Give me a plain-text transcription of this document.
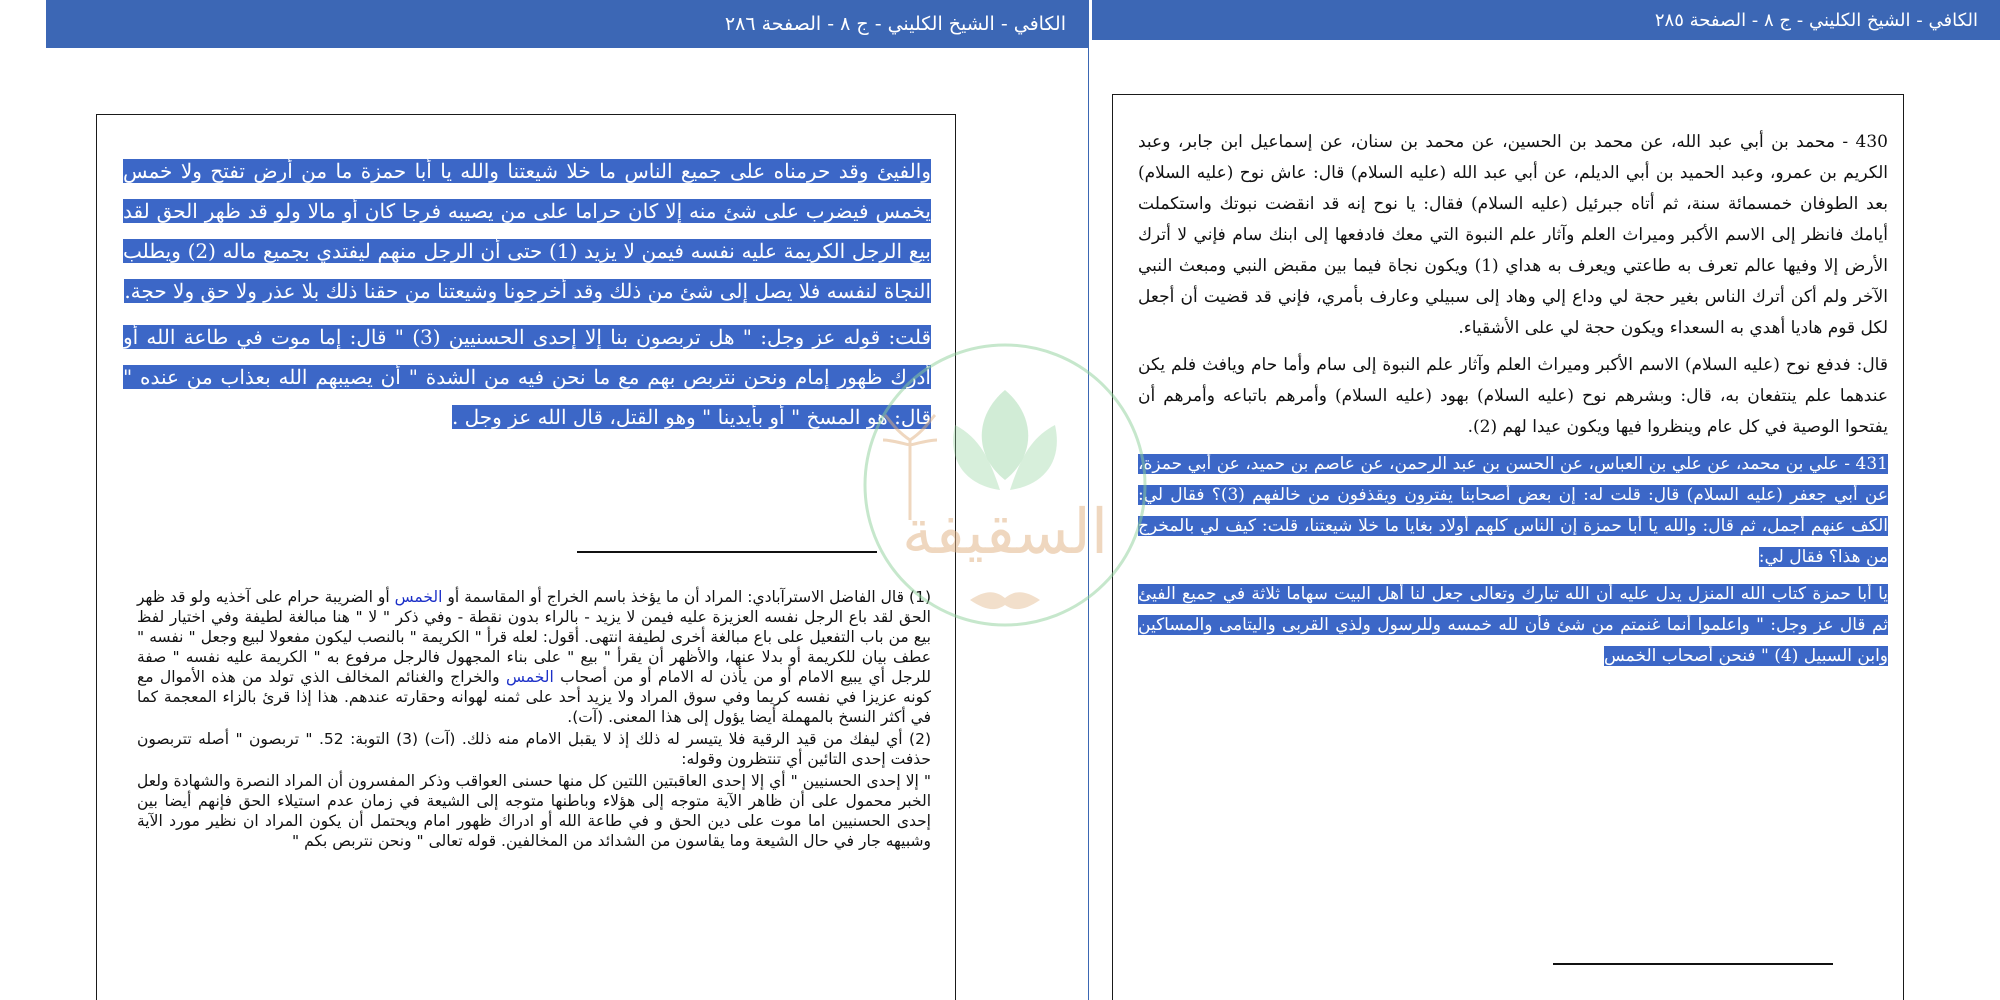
الكافي - الشيخ الكليني - ج ٨ - الصفحة ٢٨٦

والفيئ وقد حرمناه على جميع الناس ما خلا شيعتنا والله يا أبا حمزة ما من أرض تفتح ولا خمس يخمس فيضرب على شئ منه إلا كان حراما على من يصيبه فرجا كان أو مالا ولو قد ظهر الحق لقد بيع الرجل الكريمة عليه نفسه فيمن لا يزيد (1) حتى أن الرجل منهم ليفتدي بجميع ماله (2) ويطلب النجاة لنفسه فلا يصل إلى شئ من ذلك وقد أخرجونا وشيعتنا من حقنا ذلك بلا عذر ولا حق ولا حجة.

قلت: قوله عز وجل: " هل تربصون بنا إلا إحدى الحسنيين (3) " قال: إما موت في طاعة الله أو أدرك ظهور إمام ونحن نتربص بهم مع ما نحن فيه من الشدة " أن يصيبهم الله بعذاب من عنده " قال: هو المسخ " أو بأيدينا " وهو القتل، قال الله عز وجل .

(1) قال الفاضل الاسترآبادي: المراد أن ما يؤخذ باسم الخراج أو المقاسمة أو الخمس أو الضريبة حرام على آخذيه ولو قد ظهر الحق لقد باع الرجل نفسه العزيزة عليه فيمن لا يزيد - بالراء بدون نقطة - وفي ذكر " لا " هنا مبالغة لطيفة وفي اختيار لفظ بيع من باب التفعيل على باع مبالغة أخرى لطيفة انتهى. أقول: لعله قرأ " الكريمة " بالنصب ليكون مفعولا لبيع وجعل " نفسه " عطف بيان للكريمة أو بدلا عنها، والأظهر أن يقرأ " بيع " على بناء المجهول فالرجل مرفوع به " الكريمة عليه نفسه " صفة للرجل أي يبيع الامام أو من يأذن له الامام أو من أصحاب الخمس والخراج والغنائم المخالف الذي تولد من هذه الأموال مع كونه عزيزا في نفسه كريما وفي سوق المراد ولا يزيد أحد على ثمنه لهوانه وحقارته عندهم. هذا إذا قرئ بالزاء المعجمة كما في أكثر النسخ بالمهملة أيضا يؤول إلى هذا المعنى. (آت).

(2) أي ليفك من قيد الرقية فلا يتيسر له ذلك إذ لا يقبل الامام منه ذلك. (آت) (3) التوبة: 52. " تربصون " أصله تتربصون حذفت إحدى التائين أي تنتظرون وقوله:

" إلا إحدى الحسنيين " أي إلا إحدى العاقبتين اللتين كل منها حسنى العواقب وذكر المفسرون أن المراد النصرة والشهادة ولعل الخبر محمول على أن ظاهر الآية متوجه إلى هؤلاء وباطنها متوجه إلى الشيعة في زمان عدم استيلاء الحق فإنهم أيضا بين إحدى الحسنيين اما موت على دين الحق و في طاعة الله أو ادراك ظهور امام ويحتمل أن يكون المراد ان نظير مورد الآية وشبيهه جار في حال الشيعة وما يقاسون من الشدائد من المخالفين. قوله تعالى " ونحن نتربص بكم "

الكافي - الشيخ الكليني - ج ٨ - الصفحة ٢٨٥

430 - محمد بن أبي عبد الله، عن محمد بن الحسين، عن محمد بن سنان، عن إسماعيل ابن جابر، وعبد الكريم بن عمرو، وعبد الحميد بن أبي الديلم، عن أبي عبد الله (عليه السلام) قال: عاش نوح (عليه السلام) بعد الطوفان خمسمائة سنة، ثم أتاه جبرئيل (عليه السلام) فقال: يا نوح إنه قد انقضت نبوتك واستكملت أيامك فانظر إلى الاسم الأكبر وميراث العلم وآثار علم النبوة التي معك فادفعها إلى ابنك سام فإني لا أترك الأرض إلا وفيها عالم تعرف به طاعتي ويعرف به هداي (1) ويكون نجاة فيما بين مقبض النبي ومبعث النبي الآخر ولم أكن أترك الناس بغير حجة لي وداع إلي وهاد إلى سبيلي وعارف بأمري، فإني قد قضيت أن أجعل لكل قوم هاديا أهدي به السعداء ويكون حجة لي على الأشقياء.

قال: فدفع نوح (عليه السلام) الاسم الأكبر وميراث العلم وآثار علم النبوة إلى سام وأما حام ويافث فلم يكن عندهما علم ينتفعان به، قال: وبشرهم نوح (عليه السلام) بهود (عليه السلام) وأمرهم باتباعه وأمرهم أن يفتحوا الوصية في كل عام وينظروا فيها ويكون عيدا لهم (2).

431 - علي بن محمد، عن علي بن العباس، عن الحسن بن عبد الرحمن، عن عاصم بن حميد، عن أبي حمزة، عن أبي جعفر (عليه السلام) قال: قلت له: إن بعض أصحابنا يفترون ويقذفون من خالفهم (3)؟ فقال لي: الكف عنهم أجمل، ثم قال: والله يا أبا حمزة إن الناس كلهم أولاد بغايا ما خلا شيعتنا، قلت: كيف لي بالمخرج من هذا؟ فقال لي:

يا أبا حمزة كتاب الله المنزل يدل عليه أن الله تبارك وتعالى جعل لنا أهل البيت سهاما ثلاثة في جميع الفيئ ثم قال عز وجل: " واعلموا أنما غنمتم من شئ فأن لله خمسه وللرسول ولذي القربى واليتامى والمساكين وابن السبيل (4) " فنحن أصحاب الخمس

السقيفة
